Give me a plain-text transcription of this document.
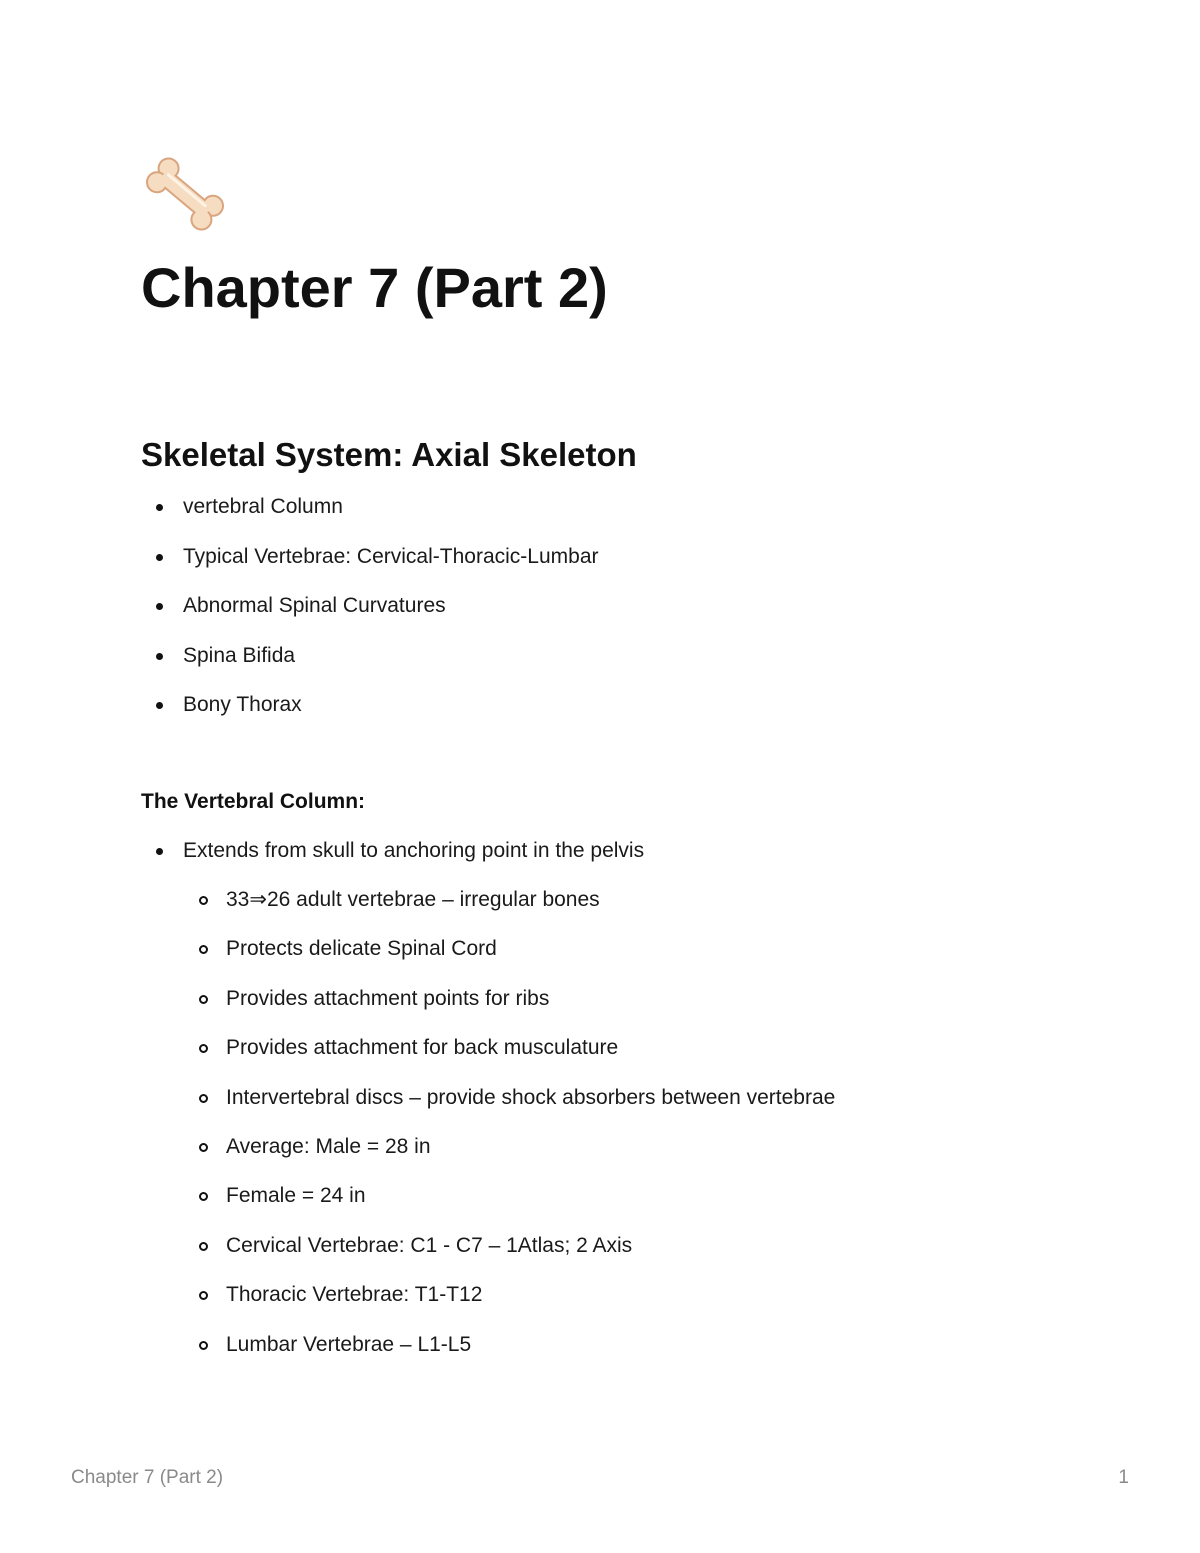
Chapter 7 (Part 2)
Skeletal System: Axial Skeleton
vertebral Column
Typical Vertebrae: Cervical-Thoracic-Lumbar
Abnormal Spinal Curvatures
Spina Bifida
Bony Thorax
The Vertebral Column:
Extends from skull to anchoring point in the pelvis
33⇒26 adult vertebrae – irregular bones
Protects delicate Spinal Cord
Provides attachment points for ribs
Provides attachment for back musculature
Intervertebral discs – provide shock absorbers between vertebrae
Average: Male = 28 in
Female = 24 in
Cervical Vertebrae: C1 - C7 – 1Atlas; 2 Axis
Thoracic Vertebrae: T1-T12
Lumbar Vertebrae – L1-L5
Chapter 7 (Part 2)	1
